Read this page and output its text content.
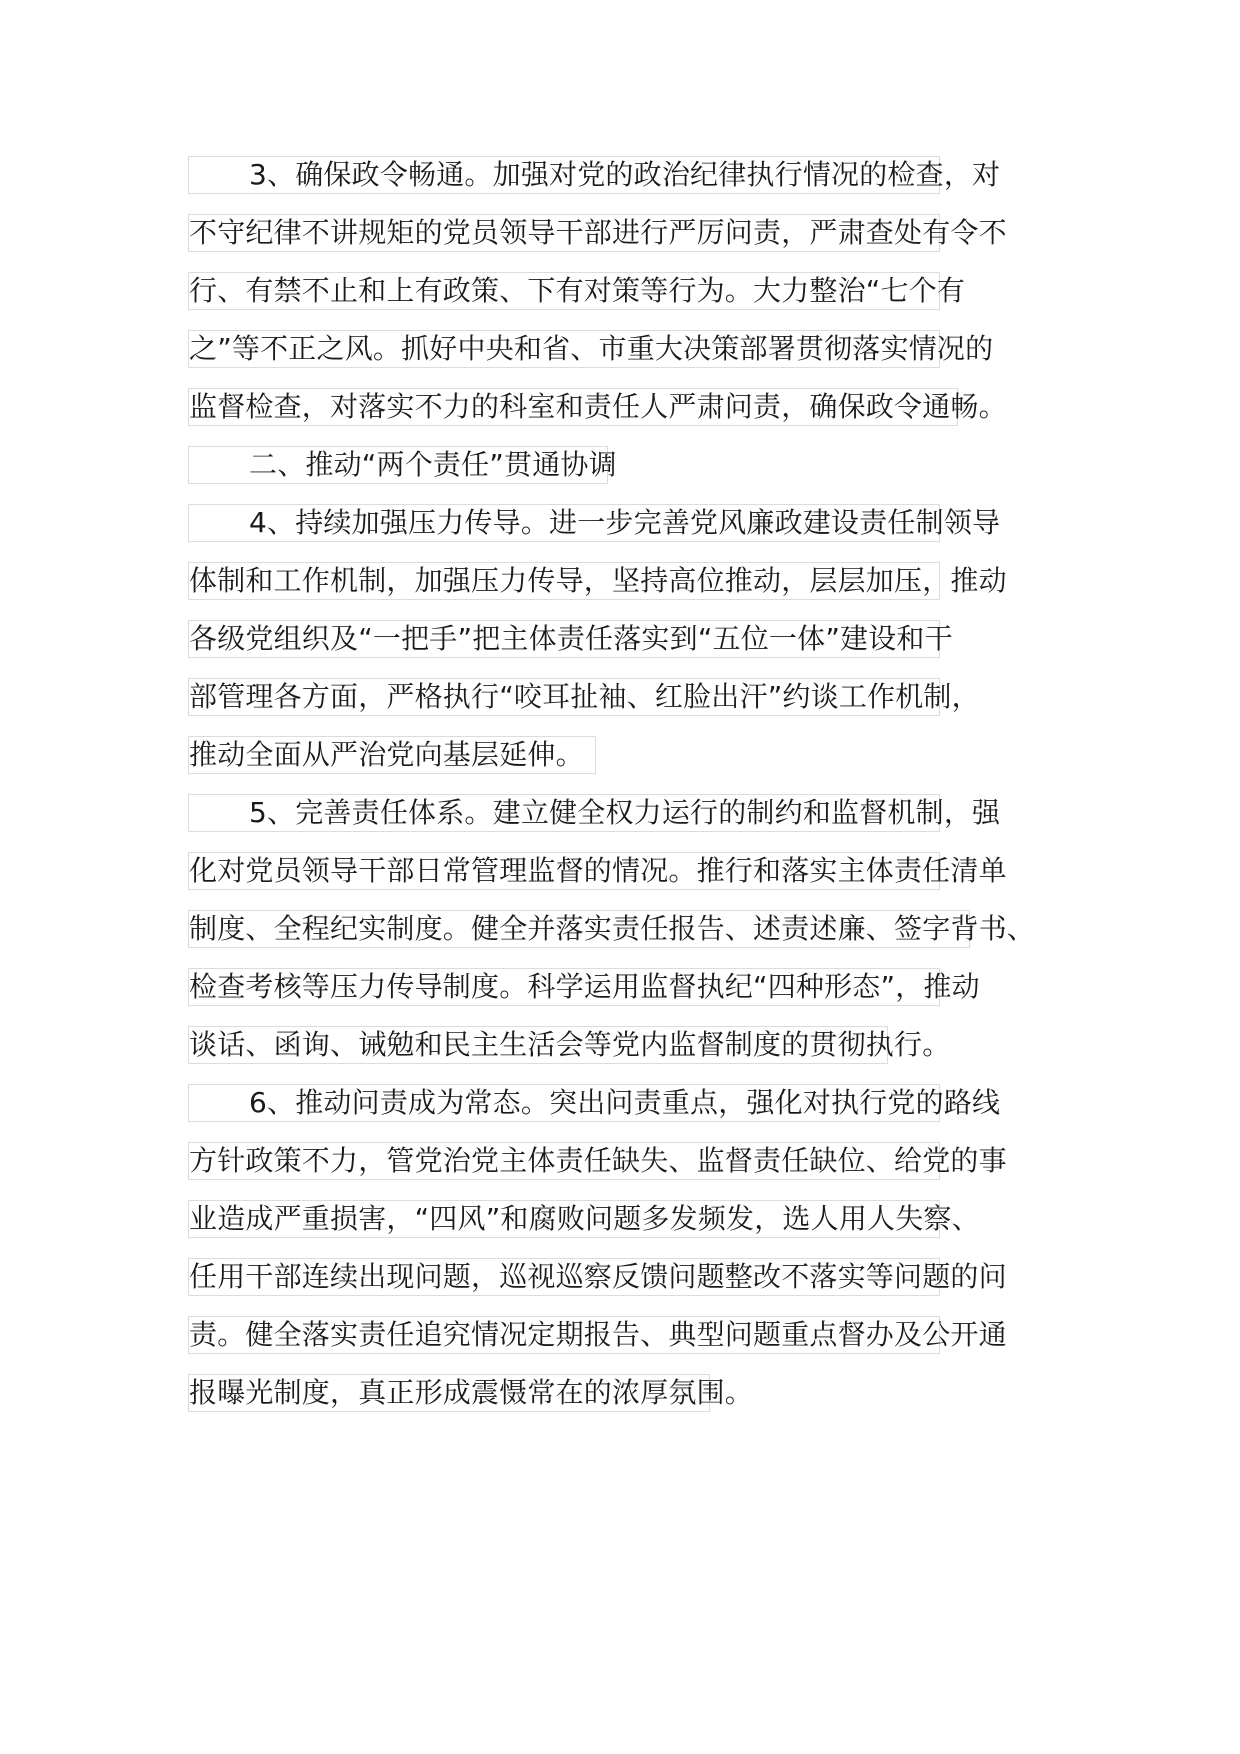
3、确保政令畅通。加强对党的政治纪律执行情况的检查，对
不守纪律不讲规矩的党员领导干部进行严厉问责，严肃查处有令不
行、有禁不止和上有政策、下有对策等行为。大力整治“七个有
之”等不正之风。抓好中央和省、市重大决策部署贯彻落实情况的
监督检查，对落实不力的科室和责任人严肃问责，确保政令通畅。
二、推动“两个责任”贯通协调
4、持续加强压力传导。进一步完善党风廉政建设责任制领导
体制和工作机制，加强压力传导，坚持高位推动，层层加压，推动
各级党组织及“一把手”把主体责任落实到“五位一体”建设和干
部管理各方面，严格执行“咬耳扯袖、红脸出汗”约谈工作机制，
推动全面从严治党向基层延伸。
5、完善责任体系。建立健全权力运行的制约和监督机制，强
化对党员领导干部日常管理监督的情况。推行和落实主体责任清单
制度、全程纪实制度。健全并落实责任报告、述责述廉、签字背书、
检查考核等压力传导制度。科学运用监督执纪“四种形态”，推动
谈话、函询、诫勉和民主生活会等党内监督制度的贯彻执行。
6、推动问责成为常态。突出问责重点，强化对执行党的路线
方针政策不力，管党治党主体责任缺失、监督责任缺位、给党的事
业造成严重损害，“四风”和腐败问题多发频发，选人用人失察、
任用干部连续出现问题，巡视巡察反馈问题整改不落实等问题的问
责。健全落实责任追究情况定期报告、典型问题重点督办及公开通
报曝光制度，真正形成震慑常在的浓厚氛围。
